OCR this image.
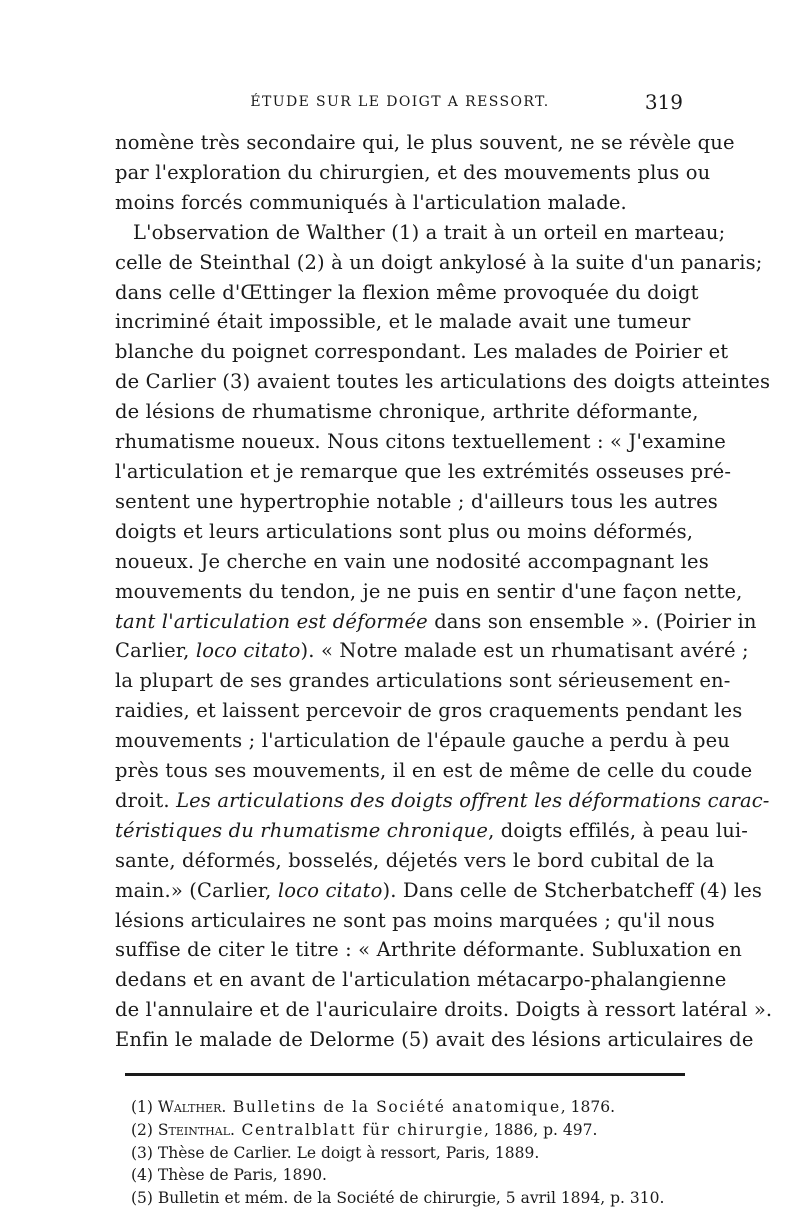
ÉTUDE SUR LE DOIGT A RESSORT.	319
nomène très secondaire qui, le plus souvent, ne se révèle que
par l'exploration du chirurgien, et des mouvements plus ou
moins forcés communiqués à l'articulation malade.
L'observation de Walther (1) a trait à un orteil en marteau;
celle de Steinthal (2) à un doigt ankylosé à la suite d'un panaris;
dans celle d'Œttinger la flexion même provoquée du doigt
incriminé était impossible, et le malade avait une tumeur
blanche du poignet correspondant. Les malades de Poirier et
de Carlier (3) avaient toutes les articulations des doigts atteintes
de lésions de rhumatisme chronique, arthrite déformante,
rhumatisme noueux. Nous citons textuellement : « J'examine
l'articulation et je remarque que les extrémités osseuses pré-
sentent une hypertrophie notable ; d'ailleurs tous les autres
doigts et leurs articulations sont plus ou moins déformés,
noueux. Je cherche en vain une nodosité accompagnant les
mouvements du tendon, je ne puis en sentir d'une façon nette,
tant l'articulation est déformée dans son ensemble ». (Poirier in
Carlier, loco citato). « Notre malade est un rhumatisant avéré ;
la plupart de ses grandes articulations sont sérieusement en-
raidies, et laissent percevoir de gros craquements pendant les
mouvements ; l'articulation de l'épaule gauche a perdu à peu
près tous ses mouvements, il en est de même de celle du coude
droit. Les articulations des doigts offrent les déformations carac-
téristiques du rhumatisme chronique, doigts effilés, à peau lui-
sante, déformés, bosselés, déjetés vers le bord cubital de la
main.» (Carlier, loco citato). Dans celle de Stcherbatcheff (4) les
lésions articulaires ne sont pas moins marquées ; qu'il nous
suffise de citer le titre : « Arthrite déformante. Subluxation en
dedans et en avant de l'articulation métacarpo-phalangienne
de l'annulaire et de l'auriculaire droits. Doigts à ressort latéral ».
Enfin le malade de Delorme (5) avait des lésions articulaires de
(1) Walther. Bulletins de la Société anatomique, 1876.
(2) Steinthal. Centralblatt für chirurgie, 1886, p. 497.
(3) Thèse de Carlier. Le doigt à ressort, Paris, 1889.
(4) Thèse de Paris, 1890.
(5) Bulletin et mém. de la Société de chirurgie, 5 avril 1894, p. 310.
